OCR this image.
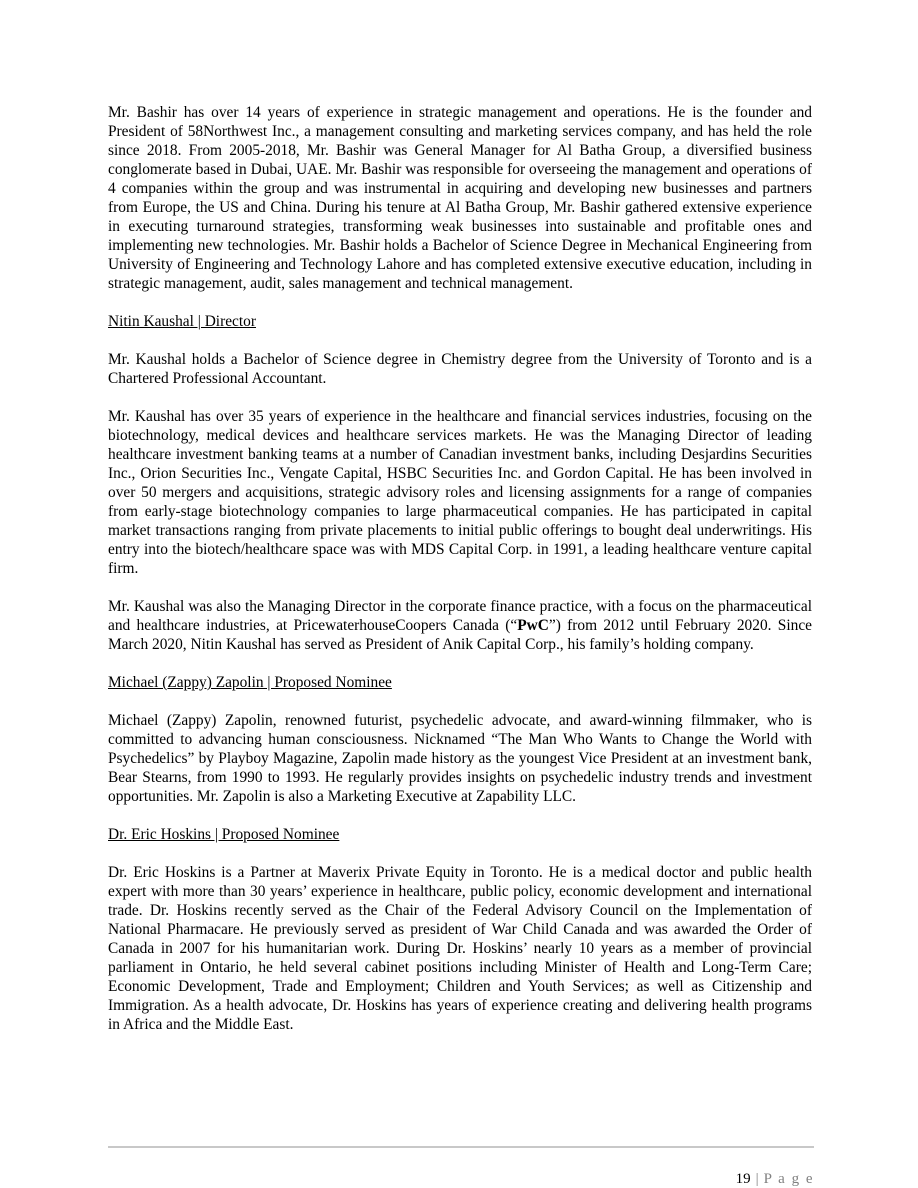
Mr. Bashir has over 14 years of experience in strategic management and operations. He is the founder and President of 58Northwest Inc., a management consulting and marketing services company, and has held the role since 2018. From 2005-2018, Mr. Bashir was General Manager for Al Batha Group, a diversified business conglomerate based in Dubai, UAE. Mr. Bashir was responsible for overseeing the management and operations of 4 companies within the group and was instrumental in acquiring and developing new businesses and partners from Europe, the US and China. During his tenure at Al Batha Group, Mr. Bashir gathered extensive experience in executing turnaround strategies, transforming weak businesses into sustainable and profitable ones and implementing new technologies. Mr. Bashir holds a Bachelor of Science Degree in Mechanical Engineering from University of Engineering and Technology Lahore and has completed extensive executive education, including in strategic management, audit, sales management and technical management.

Nitin Kaushal | Director

Mr. Kaushal holds a Bachelor of Science degree in Chemistry degree from the University of Toronto and is a Chartered Professional Accountant.

Mr. Kaushal has over 35 years of experience in the healthcare and financial services industries, focusing on the biotechnology, medical devices and healthcare services markets. He was the Managing Director of leading healthcare investment banking teams at a number of Canadian investment banks, including Desjardins Securities Inc., Orion Securities Inc., Vengate Capital, HSBC Securities Inc. and Gordon Capital. He has been involved in over 50 mergers and acquisitions, strategic advisory roles and licensing assignments for a range of companies from early-stage biotechnology companies to large pharmaceutical companies. He has participated in capital market transactions ranging from private placements to initial public offerings to bought deal underwritings. His entry into the biotech/healthcare space was with MDS Capital Corp. in 1991, a leading healthcare venture capital firm.

Mr. Kaushal was also the Managing Director in the corporate finance practice, with a focus on the pharmaceutical and healthcare industries, at PricewaterhouseCoopers Canada (“PwC”) from 2012 until February 2020. Since March 2020, Nitin Kaushal has served as President of Anik Capital Corp., his family’s holding company.

Michael (Zappy) Zapolin | Proposed Nominee

Michael (Zappy) Zapolin, renowned futurist, psychedelic advocate, and award-winning filmmaker, who is committed to advancing human consciousness. Nicknamed “The Man Who Wants to Change the World with Psychedelics” by Playboy Magazine, Zapolin made history as the youngest Vice President at an investment bank, Bear Stearns, from 1990 to 1993. He regularly provides insights on psychedelic industry trends and investment opportunities. Mr. Zapolin is also a Marketing Executive at Zapability LLC.

Dr. Eric Hoskins | Proposed Nominee

Dr. Eric Hoskins is a Partner at Maverix Private Equity in Toronto. He is a medical doctor and public health expert with more than 30 years’ experience in healthcare, public policy, economic development and international trade. Dr. Hoskins recently served as the Chair of the Federal Advisory Council on the Implementation of National Pharmacare. He previously served as president of War Child Canada and was awarded the Order of Canada in 2007 for his humanitarian work. During Dr. Hoskins’ nearly 10 years as a member of provincial parliament in Ontario, he held several cabinet positions including Minister of Health and Long-Term Care; Economic Development, Trade and Employment; Children and Youth Services; as well as Citizenship and Immigration. As a health advocate, Dr. Hoskins has years of experience creating and delivering health programs in Africa and the Middle East.

19 | P a g e
